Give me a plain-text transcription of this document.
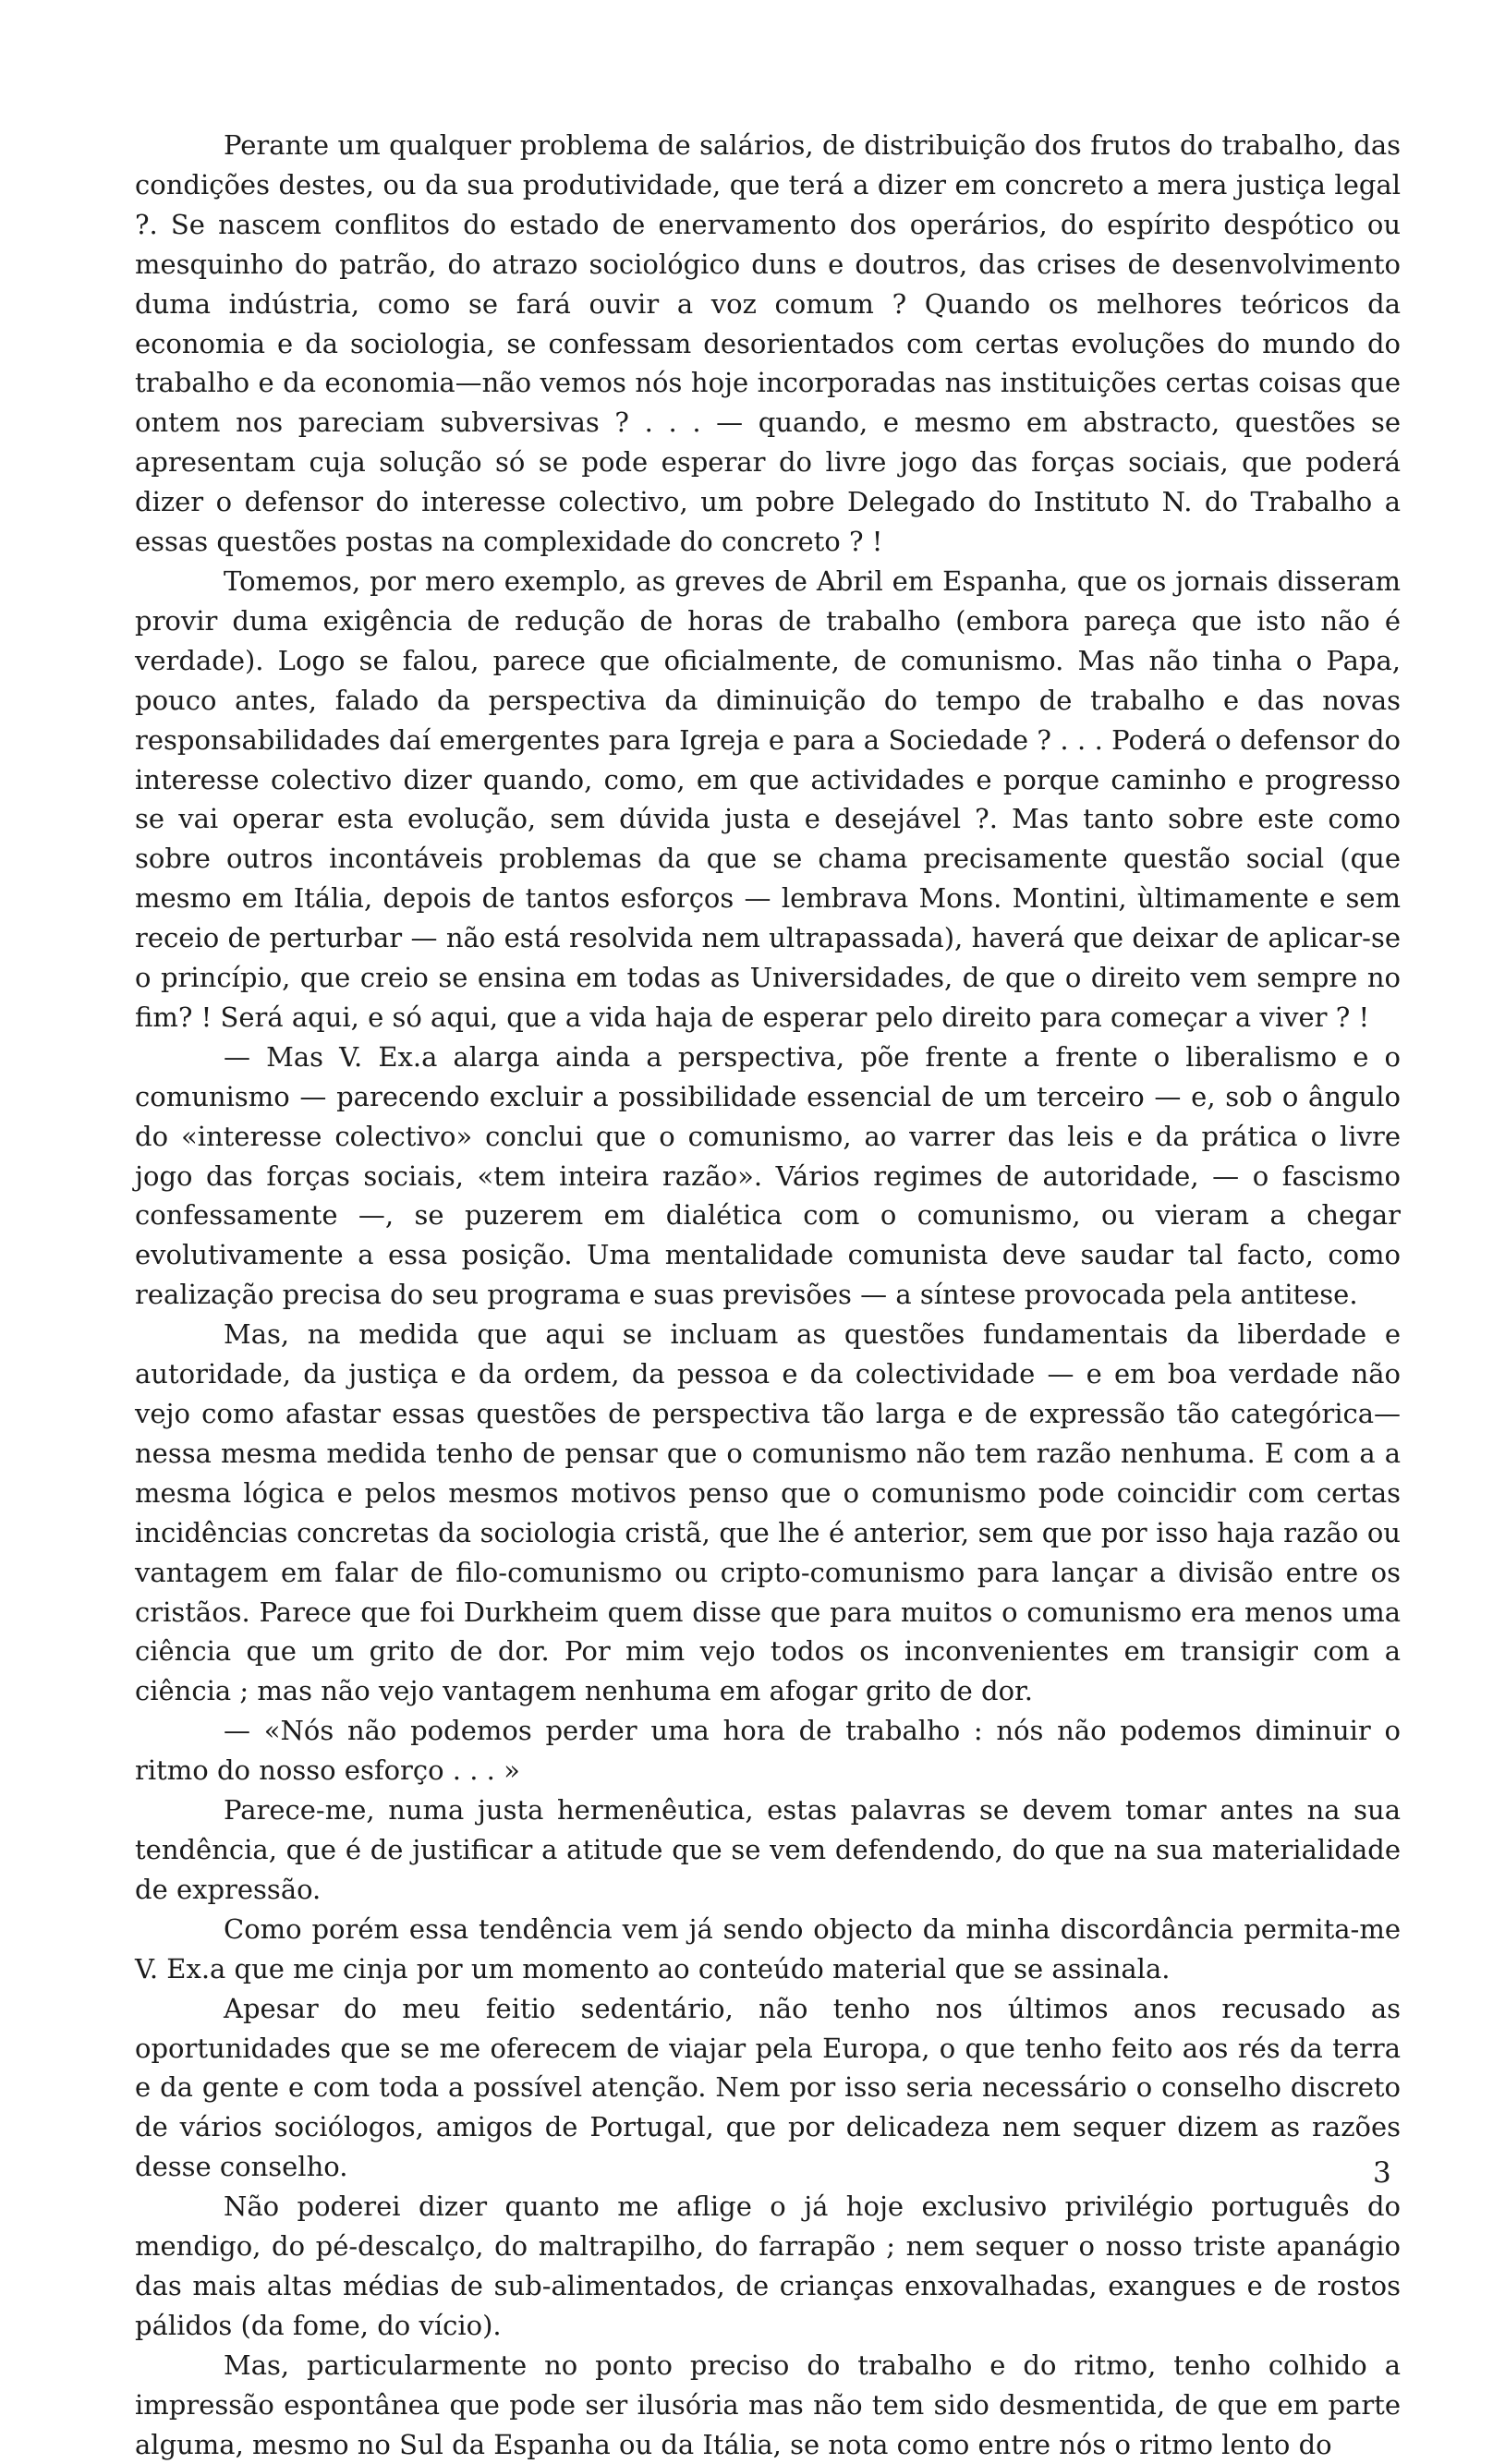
Perante um qualquer problema de salários, de distribuição dos frutos do trabalho, das condições destes, ou da sua produtividade, que terá a dizer em concreto a mera justiça legal ?. Se nascem conflitos do estado de enervamento dos operários, do espírito despótico ou mesquinho do patrão, do atrazo sociológico duns e doutros, das crises de desenvolvimento duma indústria, como se fará ouvir a voz comum ? Quando os melhores teóricos da economia e da sociologia, se confessam desorientados com certas evoluções do mundo do trabalho e da economia—não vemos nós hoje incorporadas nas instituições certas coisas que ontem nos pareciam subversivas ? . . . — quando, e mesmo em abstracto, questões se apresentam cuja solução só se pode esperar do livre jogo das forças sociais, que poderá dizer o defensor do interesse colectivo, um pobre Delegado do Instituto N. do Trabalho a essas questões postas na complexidade do concreto ? !

Tomemos, por mero exemplo, as greves de Abril em Espanha, que os jornais disseram provir duma exigência de redução de horas de trabalho (embora pareça que isto não é verdade). Logo se falou, parece que oficialmente, de comunismo. Mas não tinha o Papa, pouco antes, falado da perspectiva da diminuição do tempo de trabalho e das novas responsabilidades daí emergentes para Igreja e para a Sociedade ? . . . Poderá o defensor do interesse colectivo dizer quando, como, em que actividades e porque caminho e progresso se vai operar esta evolução, sem dúvida justa e desejável ?. Mas tanto sobre este como sobre outros incontáveis problemas da que se chama precisamente questão social (que mesmo em Itália, depois de tantos esforços — lembrava Mons. Montini, ùltimamente e sem receio de perturbar — não está resolvida nem ultrapassada), haverá que deixar de aplicar-se o princípio, que creio se ensina em todas as Universidades, de que o direito vem sempre no fim? ! Será aqui, e só aqui, que a vida haja de esperar pelo direito para começar a viver ? !

— Mas V. Ex.a alarga ainda a perspectiva, põe frente a frente o liberalismo e o comunismo — parecendo excluir a possibilidade essencial de um terceiro — e, sob o ângulo do «interesse colectivo» conclui que o comunismo, ao varrer das leis e da prática o livre jogo das forças sociais, «tem inteira razão». Vários regimes de autoridade, — o fascismo confessamente —, se puzerem em dialética com o comunismo, ou vieram a chegar evolutivamente a essa posição. Uma mentalidade comunista deve saudar tal facto, como realização precisa do seu programa e suas previsões — a síntese provocada pela antitese.

Mas, na medida que aqui se incluam as questões fundamentais da liberdade e autoridade, da justiça e da ordem, da pessoa e da colectividade — e em boa verdade não vejo como afastar essas questões de perspectiva tão larga e de expressão tão categórica— nessa mesma medida tenho de pensar que o comunismo não tem razão nenhuma. E com a a mesma lógica e pelos mesmos motivos penso que o comunismo pode coincidir com certas incidências concretas da sociologia cristã, que lhe é anterior, sem que por isso haja razão ou vantagem em falar de filo-comunismo ou cripto-comunismo para lançar a divisão entre os cristãos. Parece que foi Durkheim quem disse que para muitos o comunismo era menos uma ciência que um grito de dor. Por mim vejo todos os inconvenientes em transigir com a ciência ; mas não vejo vantagem nenhuma em afogar grito de dor.

— «Nós não podemos perder uma hora de trabalho : nós não podemos diminuir o ritmo do nosso esforço . . . »

Parece-me, numa justa hermenêutica, estas palavras se devem tomar antes na sua tendência, que é de justificar a atitude que se vem defendendo, do que na sua materialidade de expressão.

Como porém essa tendência vem já sendo objecto da minha discordância permita-me V. Ex.a que me cinja por um momento ao conteúdo material que se assinala.

Apesar do meu feitio sedentário, não tenho nos últimos anos recusado as oportunidades que se me oferecem de viajar pela Europa, o que tenho feito aos rés da terra e da gente e com toda a possível atenção. Nem por isso seria necessário o conselho discreto de vários sociólogos, amigos de Portugal, que por delicadeza nem sequer dizem as razões desse conselho.

Não poderei dizer quanto me aflige o já hoje exclusivo privilégio português do mendigo, do pé-descalço, do maltrapilho, do farrapão ; nem sequer o nosso triste apanágio das mais altas médias de sub-alimentados, de crianças enxovalhadas, exangues e de rostos pálidos (da fome, do vício).

Mas, particularmente no ponto preciso do trabalho e do ritmo, tenho colhido a impressão espontânea que pode ser ilusória mas não tem sido desmentida, de que em parte alguma, mesmo no Sul da Espanha ou da Itália, se nota como entre nós o ritmo lento do

3
